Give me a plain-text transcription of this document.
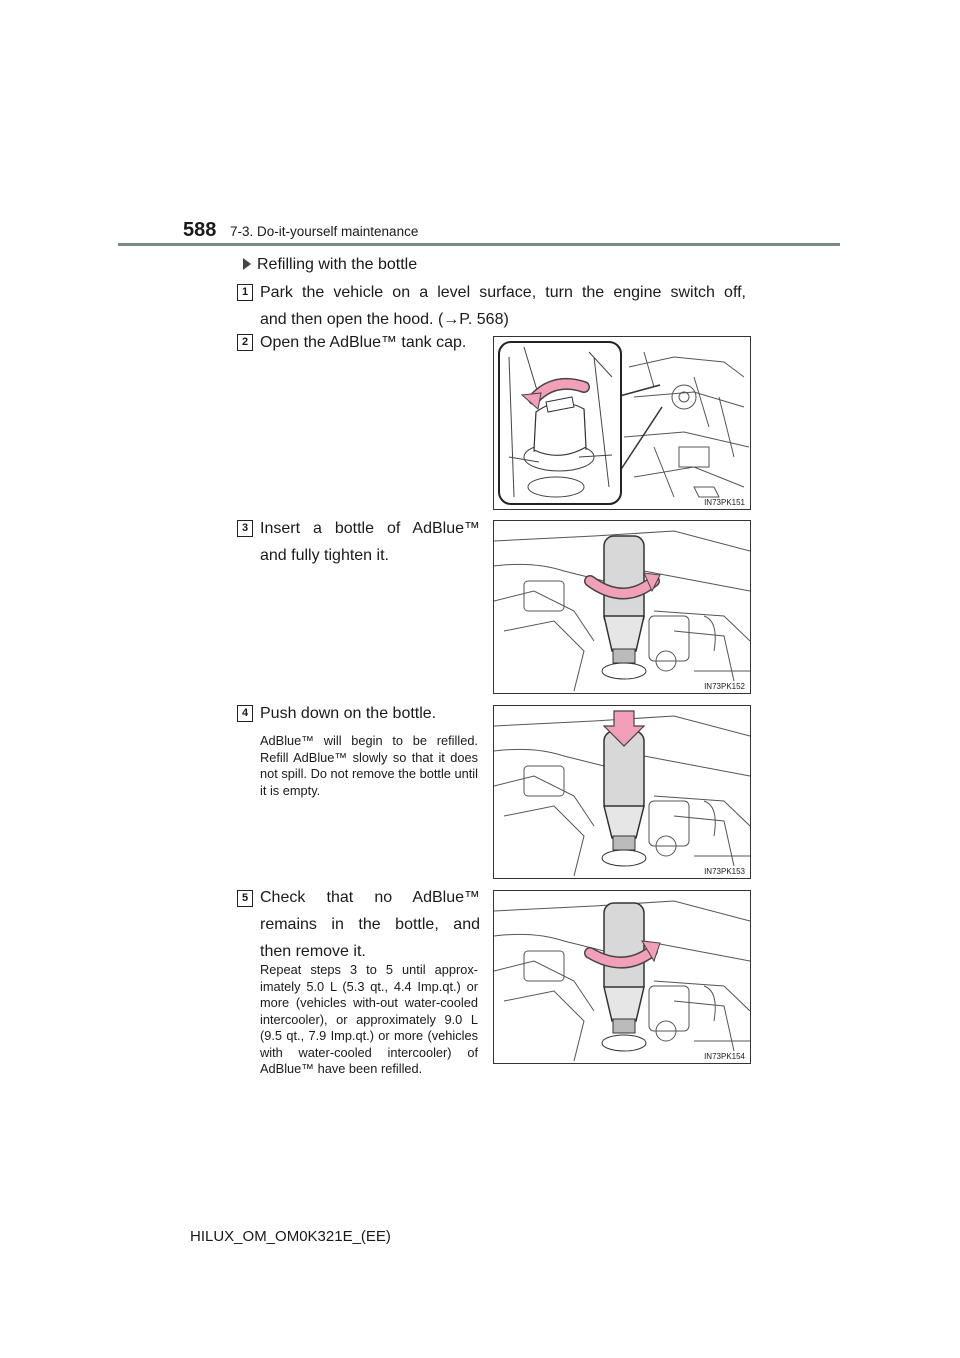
588 7-3. Do-it-yourself maintenance
Refilling with the bottle
1 Park the vehicle on a level surface, turn the engine switch off,
and then open the hood. (→P. 568)
2 Open the AdBlue™ tank cap.
IN73PK151
3 Insert a bottle of AdBlue™
and fully tighten it.
IN73PK152
4 Push down on the bottle.
AdBlue™ will begin to be refilled. Refill AdBlue™ slowly so that it does not spill. Do not remove the bottle until it is empty.
IN73PK153
5 Check that no AdBlue™
remains in the bottle, and
then remove it.
Repeat steps 3 to 5 until approx-imately 5.0 L (5.3 qt., 4.4 Imp.qt.) or more (vehicles with-out water-cooled intercooler), or approximately 9.0 L (9.5 qt., 7.9 Imp.qt.) or more (vehicles with water-cooled intercooler) of AdBlue™ have been refilled.
IN73PK154
HILUX_OM_OM0K321E_(EE)
